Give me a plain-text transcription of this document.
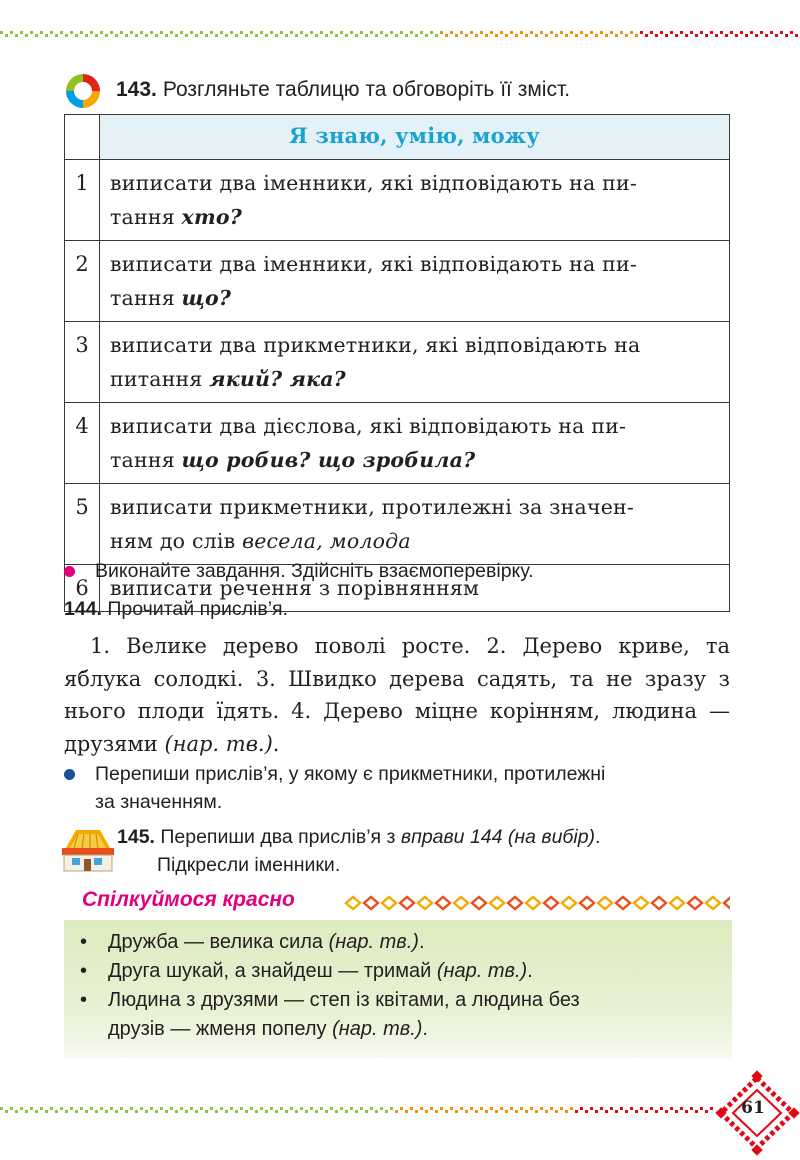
143. Розгляньте таблицю та обговоріть її зміст.
	Я знаю, умію, можу
1	виписати два іменники, які відповідають на пи-
тання хто?
2	виписати два іменники, які відповідають на пи-
тання що?
3	виписати два прикметники, які відповідають на
питання який? яка?
4	виписати два дієслова, які відповідають на пи-
тання що робив? що зробила?
5	виписати прикметники, протилежні за значен-
ням до слів весела, молода
6	виписати речення з порівнянням
Виконайте завдання. Здійсніть взаємоперевірку.
144. Прочитай прислів’я.
1. Велике дерево поволі росте. 2. Дерево криве, та яблука солодкі. 3. Швидко дерева садять, та не зразу з нього плоди їдять. 4. Дерево міцне корінням, людина — друзями (нар. тв.).
Перепиши прислів’я, у якому є прикметники, протилежні
за значенням.
145. Перепиши два прислів’я з вправи 144 (на вибір).
Підкресли іменники.
Спілкуймося красно
•	Дружба — велика сила (нар. тв.).
•	Друга шукай, а знайдеш — тримай (нар. тв.).
•	Людина з друзями — степ із квітами, а людина без
друзів — жменя попелу (нар. тв.).
61
